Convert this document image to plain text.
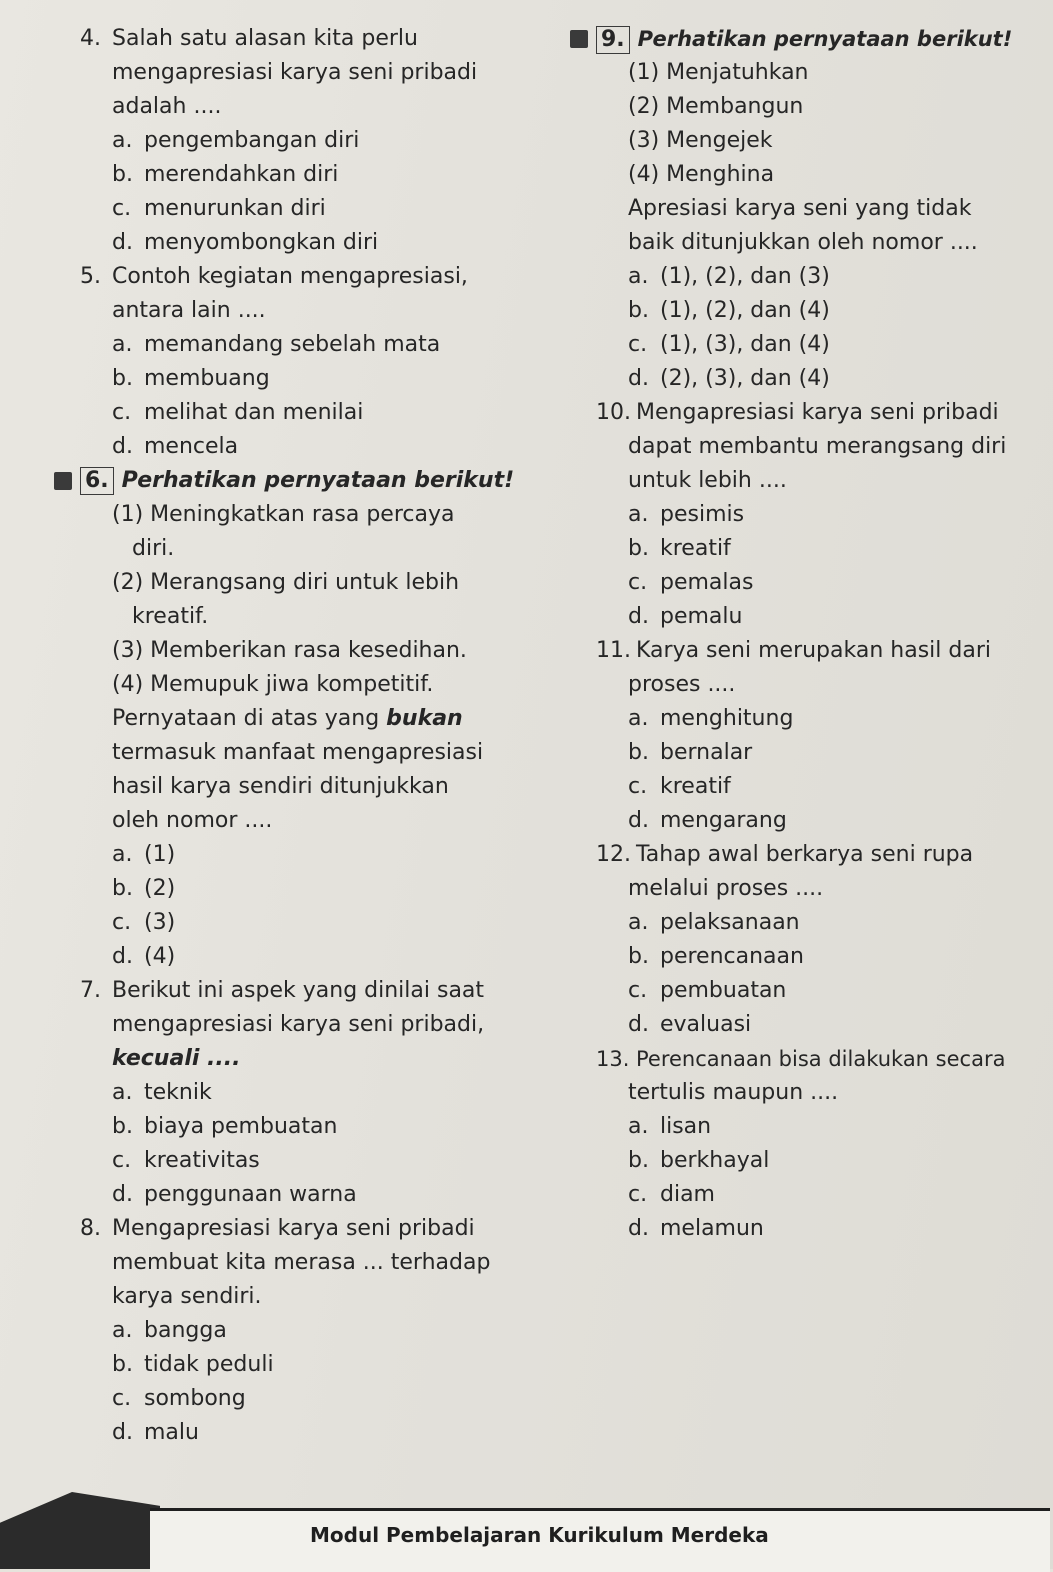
4. Salah satu alasan kita perlu

mengapresiasi karya seni pribadi

adalah ....

a. pengembangan diri

b. merendahkan diri

c. menurunkan diri

d. menyombongkan diri

5. Contoh kegiatan mengapresiasi,

antara lain ....

a. memandang sebelah mata

b. membuang

c. melihat dan menilai

d. mencela

6. Perhatikan pernyataan berikut!

(1) Meningkatkan rasa percaya

diri.

(2) Merangsang diri untuk lebih

kreatif.

(3) Memberikan rasa kesedihan.

(4) Memupuk jiwa kompetitif.

Pernyataan di atas yang bukan

termasuk manfaat mengapresiasi

hasil karya sendiri ditunjukkan

oleh nomor ....

a. (1)

b. (2)

c. (3)

d. (4)

7. Berikut ini aspek yang dinilai saat

mengapresiasi karya seni pribadi,

kecuali ....

a. teknik

b. biaya pembuatan

c. kreativitas

d. penggunaan warna

8. Mengapresiasi karya seni pribadi

membuat kita merasa ... terhadap

karya sendiri.

a. bangga

b. tidak peduli

c. sombong

d. malu

9. Perhatikan pernyataan berikut!

(1) Menjatuhkan

(2) Membangun

(3) Mengejek

(4) Menghina

Apresiasi karya seni yang tidak

baik ditunjukkan oleh nomor ....

a. (1), (2), dan (3)

b. (1), (2), dan (4)

c. (1), (3), dan (4)

d. (2), (3), dan (4)

10. Mengapresiasi karya seni pribadi

dapat membantu merangsang diri

untuk lebih ....

a. pesimis

b. kreatif

c. pemalas

d. pemalu

11. Karya seni merupakan hasil dari

proses ....

a. menghitung

b. bernalar

c. kreatif

d. mengarang

12. Tahap awal berkarya seni rupa

melalui proses ....

a. pelaksanaan

b. perencanaan

c. pembuatan

d. evaluasi

13. Perencanaan bisa dilakukan secara

tertulis maupun ....

a. lisan

b. berkhayal

c. diam

d. melamun

Modul Pembelajaran Kurikulum Merdeka
